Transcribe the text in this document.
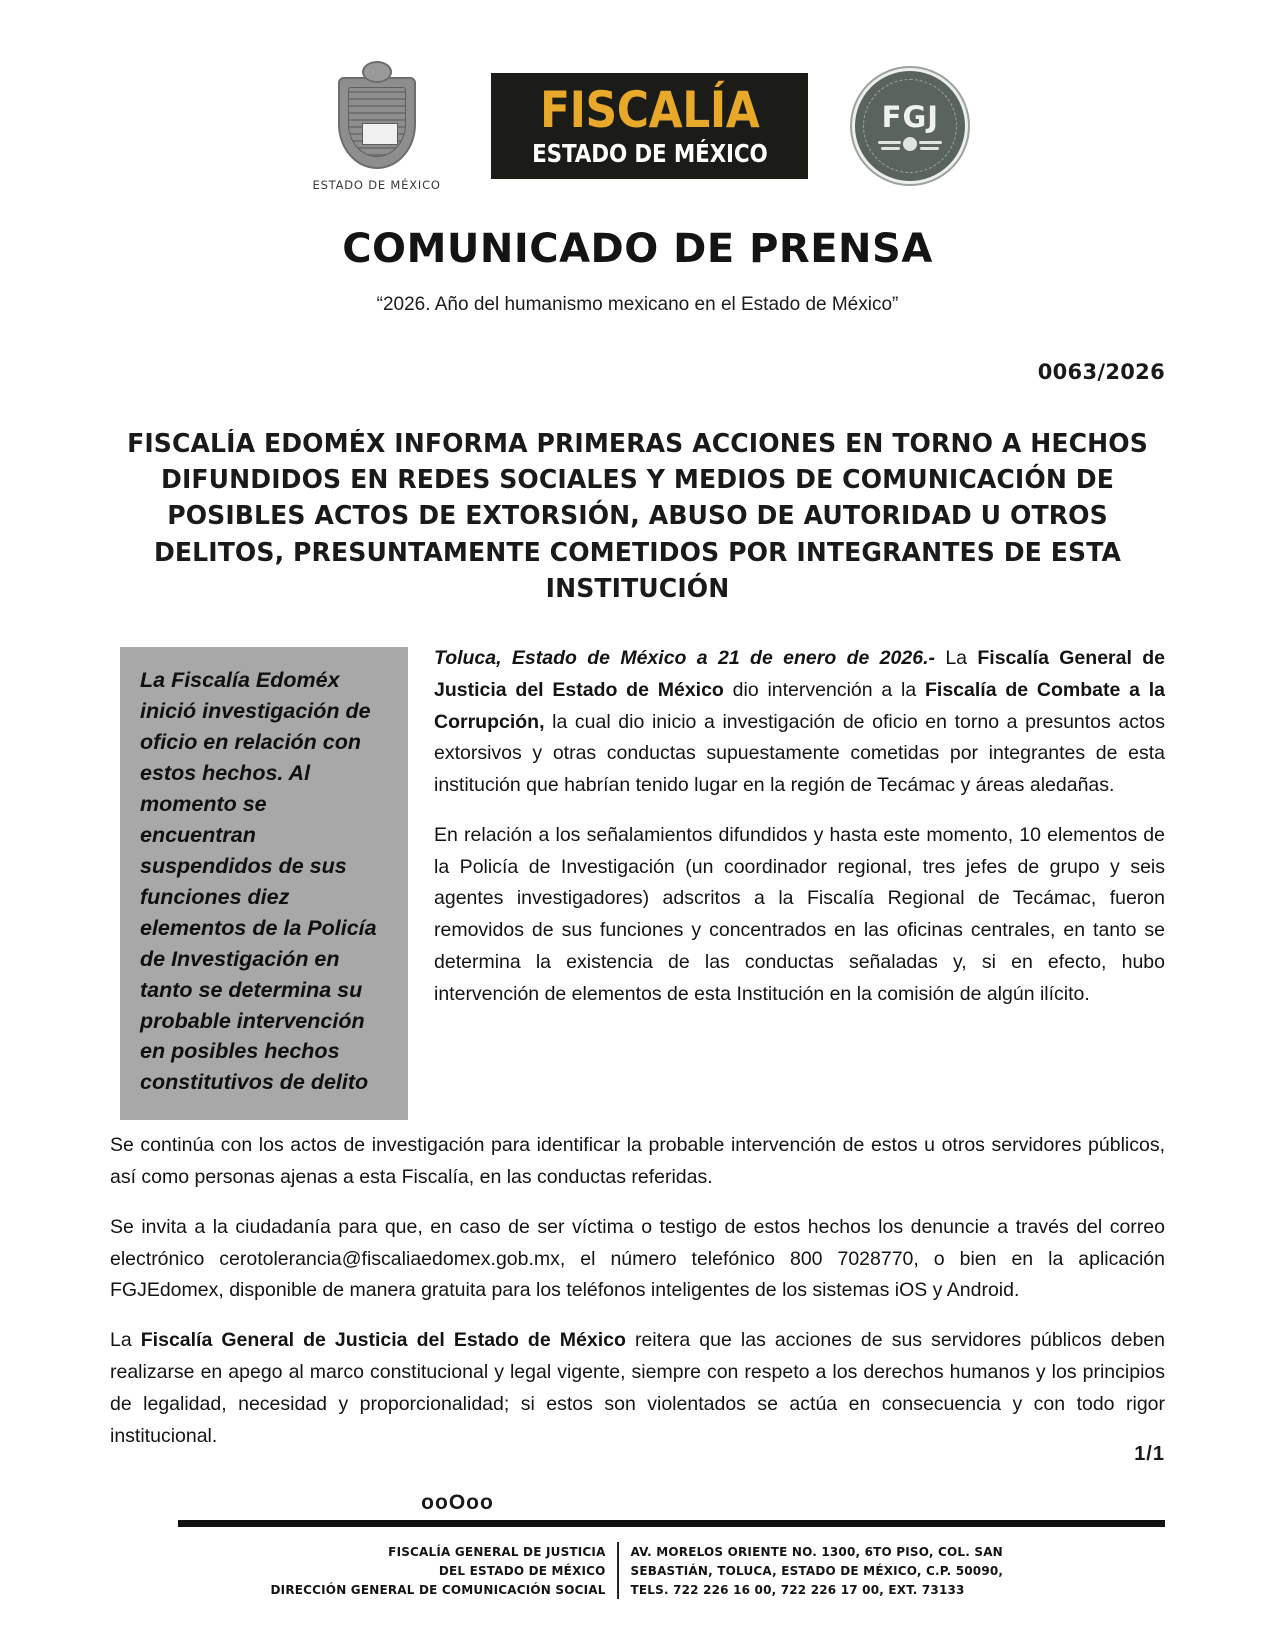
ESTADO DE MÉXICO
FISCALÍA
ESTADO DE MÉXICO
FGJ
COMUNICADO DE PRENSA
“2026. Año del humanismo mexicano en el Estado de México”
0063/2026
FISCALÍA EDOMÉX INFORMA PRIMERAS ACCIONES EN TORNO A HECHOS DIFUNDIDOS EN REDES SOCIALES Y MEDIOS DE COMUNICACIÓN DE POSIBLES ACTOS DE EXTORSIÓN, ABUSO DE AUTORIDAD U OTROS DELITOS, PRESUNTAMENTE COMETIDOS POR INTEGRANTES DE ESTA INSTITUCIÓN
La Fiscalía Edoméx inició investigación de oficio en relación con estos hechos. Al momento se encuentran suspendidos de sus funciones diez elementos de la Policía de Investigación en tanto se determina su probable intervención en posibles hechos constitutivos de delito

Toluca, Estado de México a 21 de enero de 2026.- La Fiscalía General de Justicia del Estado de México dio intervención a la Fiscalía de Combate a la Corrupción, la cual dio inicio a investigación de oficio en torno a presuntos actos extorsivos y otras conductas supuestamente cometidas por integrantes de esta institución que habrían tenido lugar en la región de Tecámac y áreas aledañas.

En relación a los señalamientos difundidos y hasta este momento, 10 elementos de la Policía de Investigación (un coordinador regional, tres jefes de grupo y seis agentes investigadores) adscritos a la Fiscalía Regional de Tecámac, fueron removidos de sus funciones y concentrados en las oficinas centrales, en tanto se determina la existencia de las conductas señaladas y, si en efecto, hubo intervención de elementos de esta Institución en la comisión de algún ilícito.

Se continúa con los actos de investigación para identificar la probable intervención de estos u otros servidores públicos, así como personas ajenas a esta Fiscalía, en las conductas referidas.

Se invita a la ciudadanía para que, en caso de ser víctima o testigo de estos hechos los denuncie a través del correo electrónico cerotolerancia@fiscaliaedomex.gob.mx, el número telefónico 800 7028770, o bien en la aplicación FGJEdomex, disponible de manera gratuita para los teléfonos inteligentes de los sistemas iOS y Android.

La Fiscalía General de Justicia del Estado de México reitera que las acciones de sus servidores públicos deben realizarse en apego al marco constitucional y legal vigente, siempre con respeto a los derechos humanos y los principios de legalidad, necesidad y proporcionalidad; si estos son violentados se actúa en consecuencia y con todo rigor institucional.

ooOoo
1/1
FISCALÍA GENERAL DE JUSTICIA
DEL ESTADO DE MÉXICO
DIRECCIÓN GENERAL DE COMUNICACIÓN SOCIAL
AV. MORELOS ORIENTE NO. 1300, 6TO PISO, COL. SAN
SEBASTIÁN, TOLUCA, ESTADO DE MÉXICO, C.P. 50090,
TELS. 722 226 16 00, 722 226 17 00, EXT. 73133
